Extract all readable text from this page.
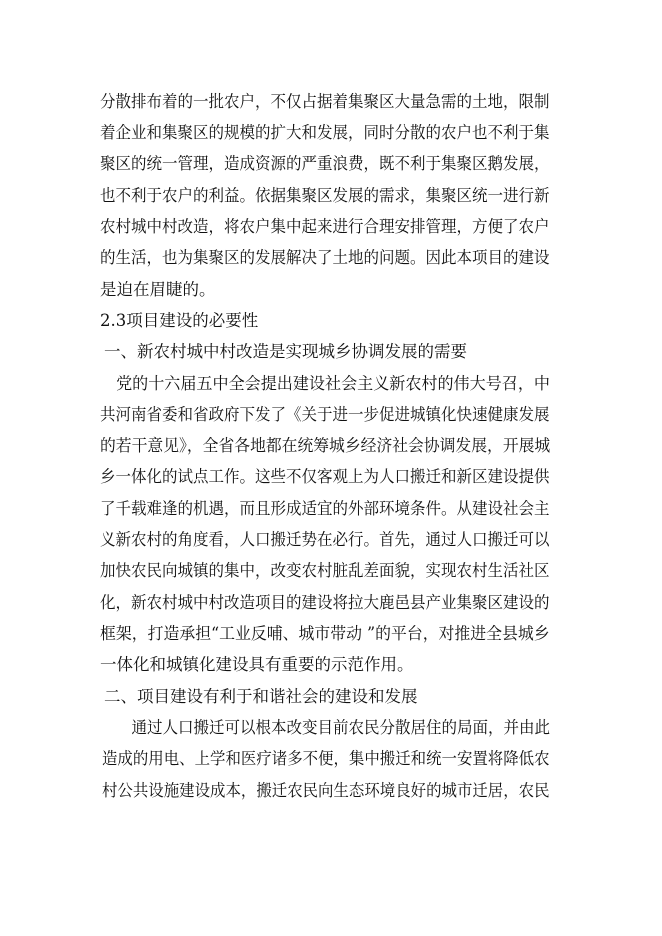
分散排布着的一批农户，不仅占据着集聚区大量急需的土地，限制
着企业和集聚区的规模的扩大和发展，同时分散的农户也不利于集
聚区的统一管理，造成资源的严重浪费，既不利于集聚区鹅发展，
也不利于农户的利益。依据集聚区发展的需求，集聚区统一进行新
农村城中村改造，将农户集中起来进行合理安排管理，方便了农户
的生活，也为集聚区的发展解决了土地的问题。因此本项目的建设
是迫在眉睫的。
2.3项目建设的必要性
一、新农村城中村改造是实现城乡协调发展的需要
　党的十六届五中全会提出建设社会主义新农村的伟大号召，中
共河南省委和省政府下发了《关于进一步促进城镇化快速健康发展
的若干意见》，全省各地都在统筹城乡经济社会协调发展，开展城
乡一体化的试点工作。这些不仅客观上为人口搬迁和新区建设提供
了千载难逢的机遇，而且形成适宜的外部环境条件。从建设社会主
义新农村的角度看，人口搬迁势在必行。首先，通过人口搬迁可以
加快农民向城镇的集中，改变农村脏乱差面貌，实现农村生活社区
化，新农村城中村改造项目的建设将拉大鹿邑县产业集聚区建设的
框架，打造承担“工业反哺、城市带动 ”的平台，对推进全县城乡
一体化和城镇化建设具有重要的示范作用。
二、项目建设有利于和谐社会的建设和发展
　通过人口搬迁可以根本改变目前农民分散居住的局面，并由此
造成的用电、上学和医疗诸多不便，集中搬迁和统一安置将降低农
村公共设施建设成本，搬迁农民向生态环境良好的城市迁居，农民
